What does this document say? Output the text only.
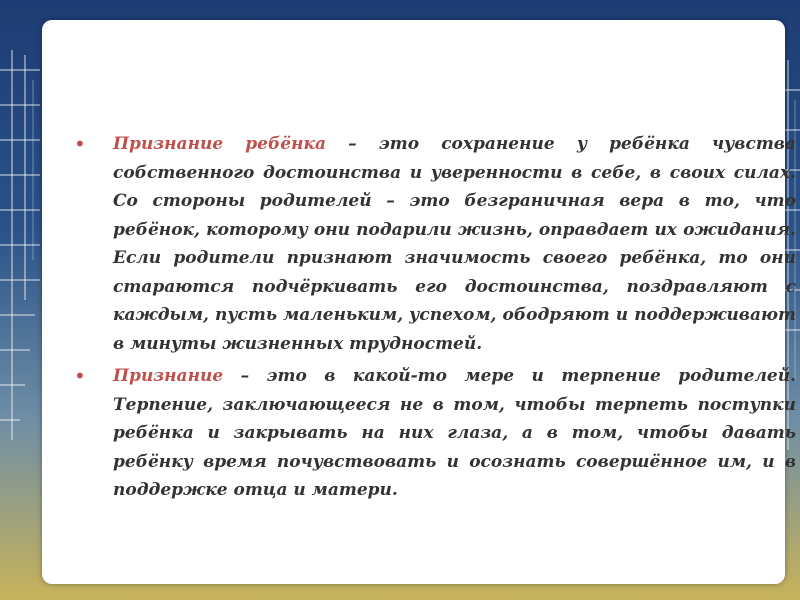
•	Признание ребёнка – это сохранение у ребёнка чувства собственного достоинства и уверенности в себе, в своих силах. Со стороны родителей – это безграничная вера в то, что ребёнок, которому они подарили жизнь, оправдает их ожидания. Если родители признают значимость своего ребёнка, то они стараются подчёркивать его достоинства, поздравляют с каждым, пусть маленьким, успехом, ободряют и поддерживают в минуты жизненных трудностей.

•	Признание – это в какой-то мере и терпение родителей. Терпение, заключающееся не в том, чтобы терпеть поступки ребёнка и закрывать на них глаза, а в том, чтобы давать ребёнку время почувствовать и осознать совершённое им, и в поддержке отца и матери.
